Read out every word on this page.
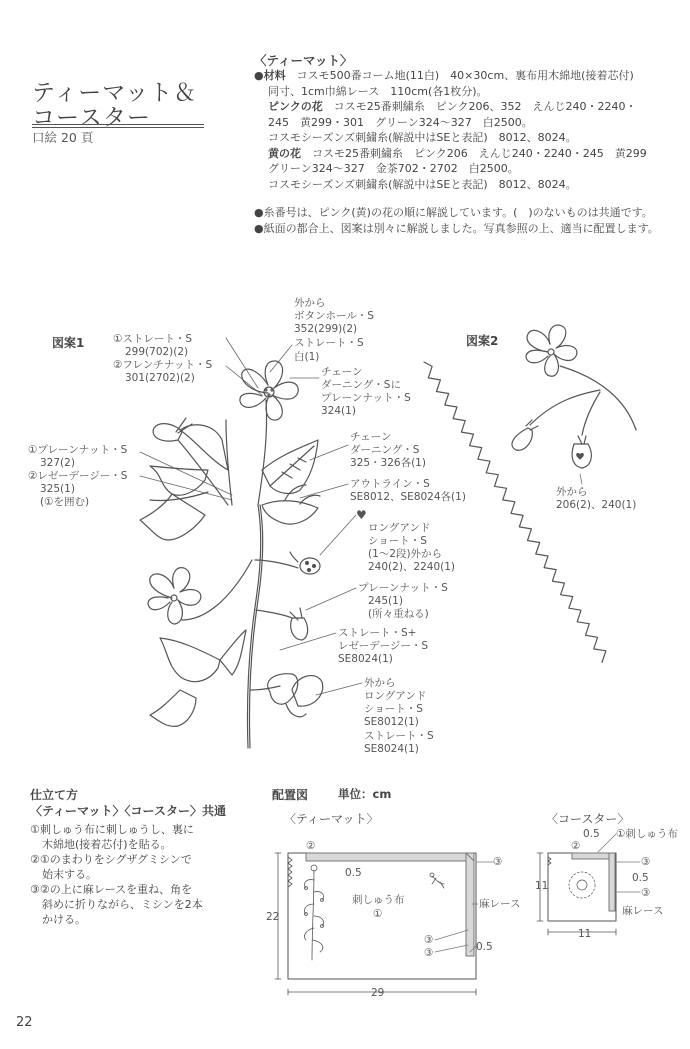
ティーマット＆
コースター
口絵 20 頁
〈ティーマット〉
●材料　コスモ500番コーム地(11白)　40×30cm、裏布用木綿地(接着芯付)
同寸、1cm巾綿レース　110cm(各1枚分)。
ピンクの花　コスモ25番刺繍糸　ピンク206、352　えんじ240・2240・
245　黄299・301　グリーン324〜327　白2500。
コスモシーズンズ刺繍糸(解説中はSEと表記)　8012、8024。
黄の花　コスモ25番刺繍糸　ピンク206　えんじ240・2240・245　黄299
グリーン324〜327　金茶702・2702　白2500。
コスモシーズンズ刺繍糸(解説中はSEと表記)　8012、8024。
●糸番号は、ピンク(黄)の花の順に解説しています。(　)のないものは共通です。
●紙面の都合上、図案は別々に解説しました。写真参照の上、適当に配置します。
図案1	①ストレート・S
299(702)(2)
②フレンチナット・S
301(2702)(2)
外から
ボタンホール・S
352(299)(2)
ストレート・S
白(1)
チェーン
ダーニング・Sに
プレーンナット・S
324(1)
①プレーンナット・S
327(2)
②レゼーデージー・S
325(1)
(①を囲む)
チェーン
ダーニング・S
325・326各(1)
アウトライン・S
SE8012、SE8024各(1)
♥
ロングアンド
ショート・S
(1〜2段)外から
240(2)、2240(1)
プレーンナット・S
245(1)
(所々重ねる)
ストレート・S+
レゼーデージー・S
SE8024(1)
外から
ロングアンド
ショート・S
SE8012(1)
ストレート・S
SE8024(1)
図案2
外から
206(2)、240(1)
仕立て方
〈ティーマット〉〈コースター〉共通
①刺しゅう布に刺しゅうし、裏に
木綿地(接着芯付)を貼る。
②①のまわりをシグザグミシンで
始末する。
③②の上に麻レースを重ね、角を
斜めに折りながら、ミシンを2本
かける。
配置図	単位：cm
〈ティーマット〉	〈コースター〉
②
0.5
③
刺しゅう布
①
麻レース
③
③	0.5
22
29
0.5 ①刺しゅう布
②
③
0.5
③
麻レース
11
11
22
